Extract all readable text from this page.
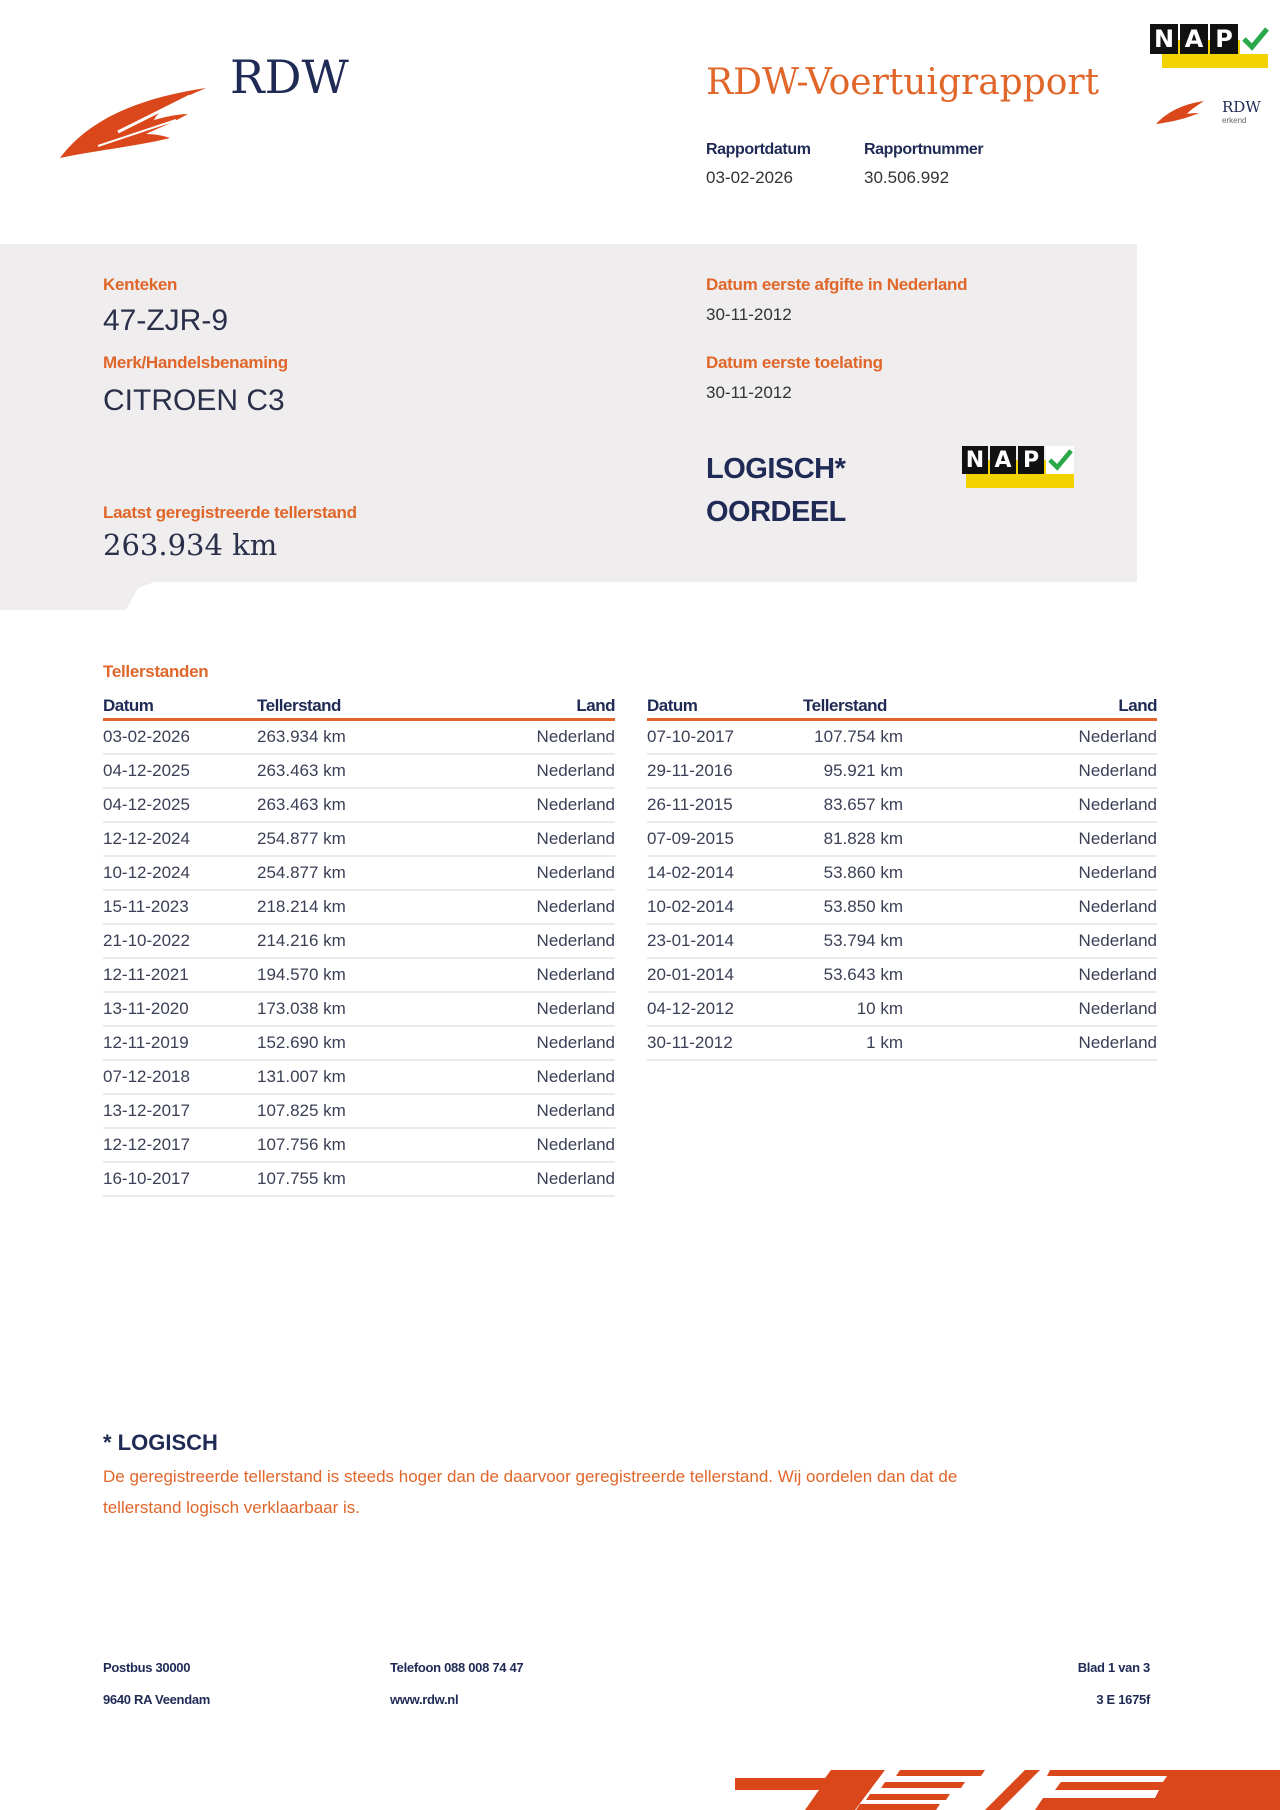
RDW	RDW-Voertuigrapport
Rapportdatum
03-02-2026
Rapportnummer
30.506.992
N A P
RDW
erkend
Kenteken
47-ZJR-9
Merk/Handelsbenaming
CITROEN C3
Laatst geregistreerde tellerstand
263.934 km
Datum eerste afgifte in Nederland
30-11-2012
Datum eerste toelating
30-11-2012
LOGISCH*
OORDEEL
N A P
Tellerstanden
Datum	Tellerstand	Land
03-02-2026	263.934 km	Nederland
04-12-2025	263.463 km	Nederland
04-12-2025	263.463 km	Nederland
12-12-2024	254.877 km	Nederland
10-12-2024	254.877 km	Nederland
15-11-2023	218.214 km	Nederland
21-10-2022	214.216 km	Nederland
12-11-2021	194.570 km	Nederland
13-11-2020	173.038 km	Nederland
12-11-2019	152.690 km	Nederland
07-12-2018	131.007 km	Nederland
13-12-2017	107.825 km	Nederland
12-12-2017	107.756 km	Nederland
16-10-2017	107.755 km	Nederland
Datum	Tellerstand	Land
07-10-2017	107.754 km	Nederland
29-11-2016	95.921 km	Nederland
26-11-2015	83.657 km	Nederland
07-09-2015	81.828 km	Nederland
14-02-2014	53.860 km	Nederland
10-02-2014	53.850 km	Nederland
23-01-2014	53.794 km	Nederland
20-01-2014	53.643 km	Nederland
04-12-2012	10 km	Nederland
30-11-2012	1 km	Nederland
* LOGISCH
De geregistreerde tellerstand is steeds hoger dan de daarvoor geregistreerde tellerstand. Wij oordelen dan dat de
tellerstand logisch verklaarbaar is.
Postbus 30000
9640 RA Veendam
Telefoon 088 008 74 47
www.rdw.nl
Blad 1 van 3
3 E 1675f
